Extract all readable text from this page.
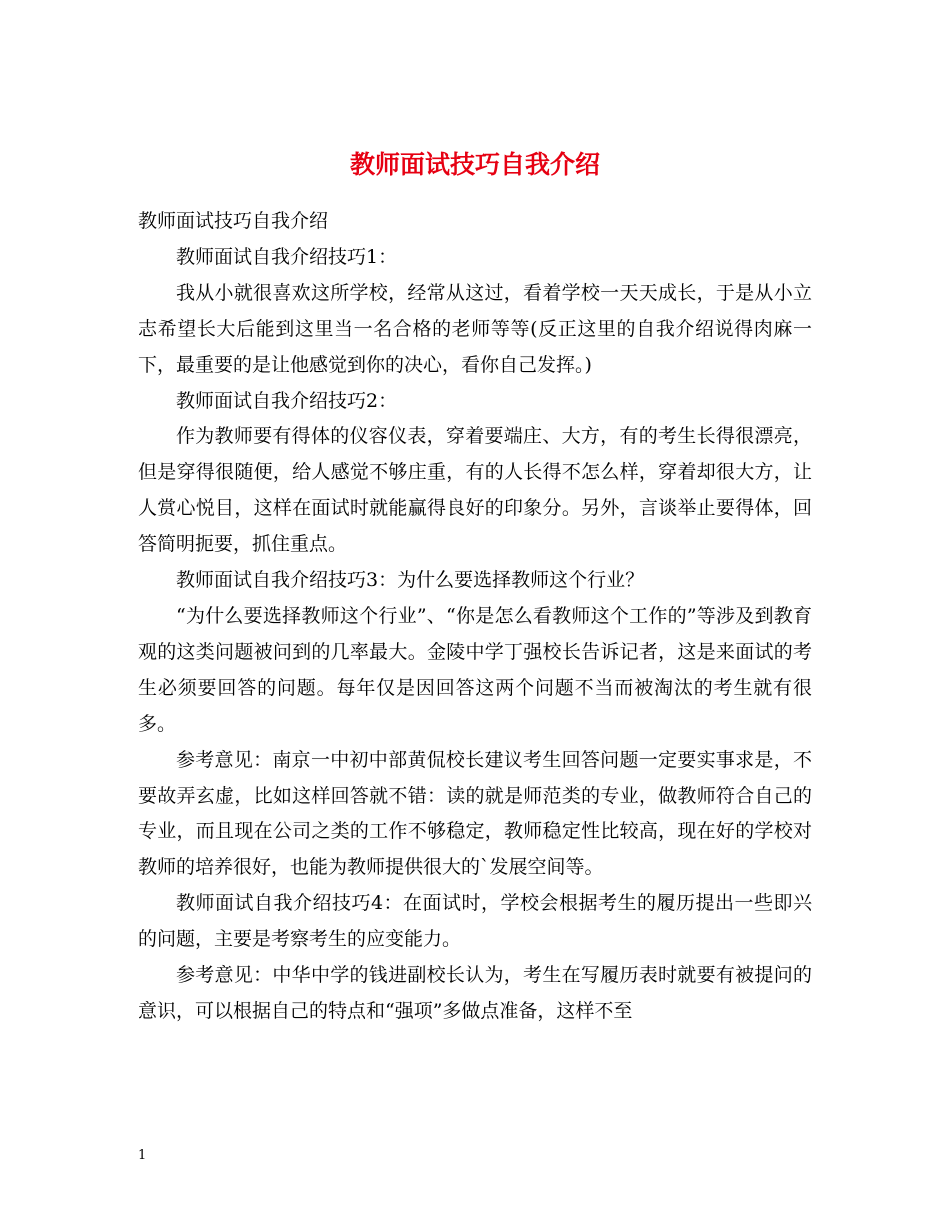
教师面试技巧自我介绍

教师面试技巧自我介绍

教师面试自我介绍技巧1：

我从小就很喜欢这所学校，经常从这过，看着学校一天天成长，于是从小立志希望长大后能到这里当一名合格的老师等等(反正这里的自我介绍说得肉麻一下，最重要的是让他感觉到你的决心，看你自己发挥。)

教师面试自我介绍技巧2：

作为教师要有得体的仪容仪表，穿着要端庄、大方，有的考生长得很漂亮，但是穿得很随便，给人感觉不够庄重，有的人长得不怎么样，穿着却很大方，让人赏心悦目，这样在面试时就能赢得良好的印象分。另外，言谈举止要得体，回答简明扼要，抓住重点。

教师面试自我介绍技巧3：为什么要选择教师这个行业？

“为什么要选择教师这个行业”、“你是怎么看教师这个工作的”等涉及到教育观的这类问题被问到的几率最大。金陵中学丁强校长告诉记者，这是来面试的考生必须要回答的问题。每年仅是因回答这两个问题不当而被淘汰的考生就有很多。

参考意见：南京一中初中部黄侃校长建议考生回答问题一定要实事求是，不要故弄玄虚，比如这样回答就不错：读的就是师范类的专业，做教师符合自己的专业，而且现在公司之类的工作不够稳定，教师稳定性比较高，现在好的学校对教师的培养很好，也能为教师提供很大的`发展空间等。

教师面试自我介绍技巧4：在面试时，学校会根据考生的履历提出一些即兴的问题，主要是考察考生的应变能力。

参考意见：中华中学的钱进副校长认为，考生在写履历表时就要有被提问的意识，可以根据自己的特点和“强项”多做点准备，这样不至

1
